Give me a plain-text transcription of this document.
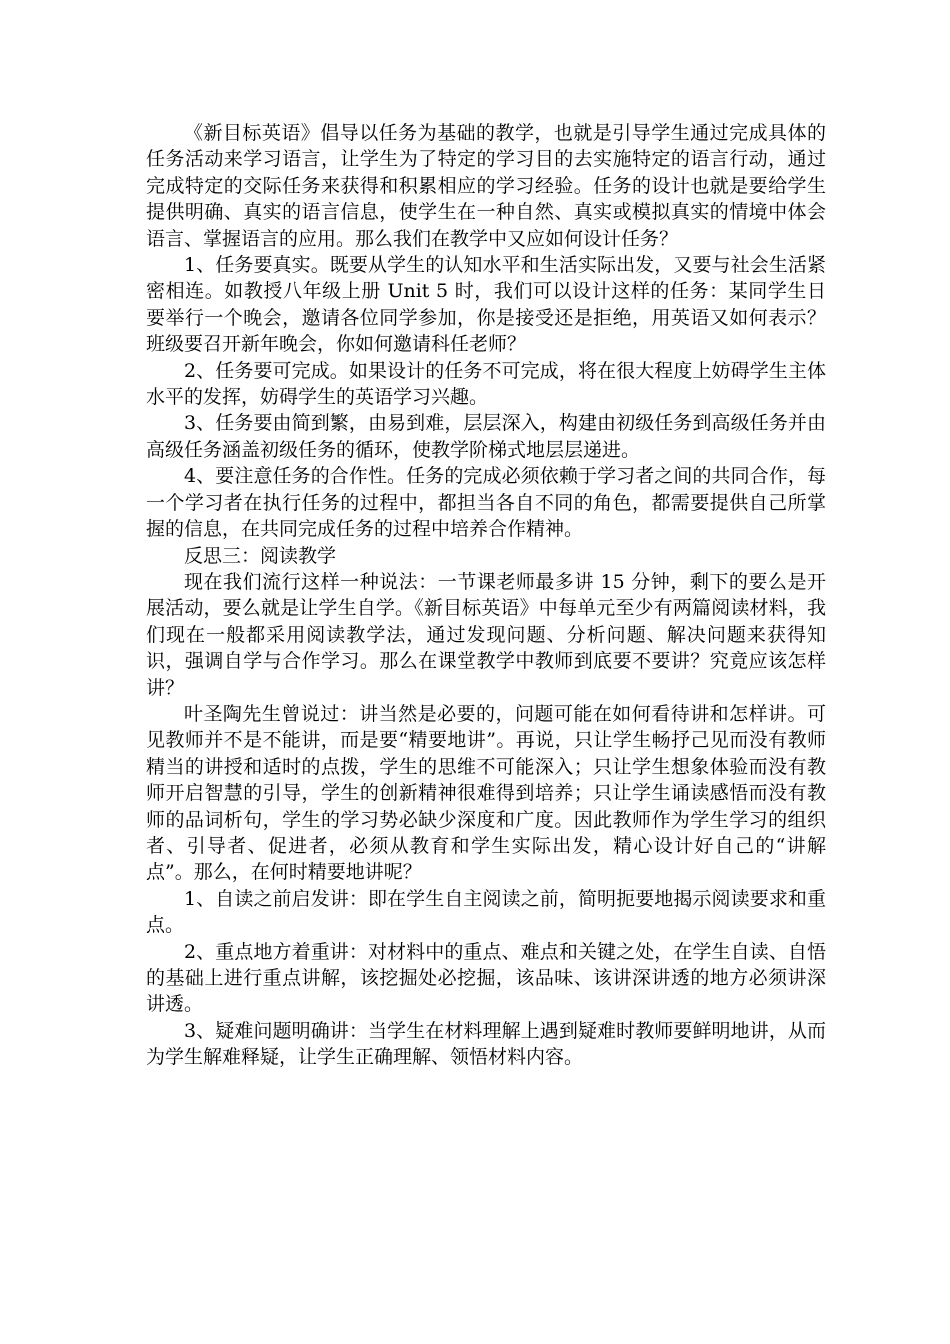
《新目标英语》倡导以任务为基础的教学，也就是引导学生通过完成具体的任务活动来学习语言，让学生为了特定的学习目的去实施特定的语言行动，通过完成特定的交际任务来获得和积累相应的学习经验。任务的设计也就是要给学生提供明确、真实的语言信息，使学生在一种自然、真实或模拟真实的情境中体会语言、掌握语言的应用。那么我们在教学中又应如何设计任务？

1、任务要真实。既要从学生的认知水平和生活实际出发，又要与社会生活紧密相连。如教授八年级上册 Unit 5 时，我们可以设计这样的任务：某同学生日要举行一个晚会，邀请各位同学参加，你是接受还是拒绝，用英语又如何表示？班级要召开新年晚会，你如何邀请科任老师？

2、任务要可完成。如果设计的任务不可完成，将在很大程度上妨碍学生主体水平的发挥，妨碍学生的英语学习兴趣。

3、任务要由简到繁，由易到难，层层深入，构建由初级任务到高级任务并由高级任务涵盖初级任务的循环，使教学阶梯式地层层递进。

4、要注意任务的合作性。任务的完成必须依赖于学习者之间的共同合作，每一个学习者在执行任务的过程中，都担当各自不同的角色，都需要提供自己所掌握的信息，在共同完成任务的过程中培养合作精神。

反思三：阅读教学

现在我们流行这样一种说法：一节课老师最多讲 15 分钟，剩下的要么是开展活动，要么就是让学生自学。《新目标英语》中每单元至少有两篇阅读材料，我们现在一般都采用阅读教学法，通过发现问题、分析问题、解决问题来获得知识，强调自学与合作学习。那么在课堂教学中教师到底要不要讲？究竟应该怎样讲？

叶圣陶先生曾说过：讲当然是必要的，问题可能在如何看待讲和怎样讲。可见教师并不是不能讲，而是要“精要地讲”。再说，只让学生畅抒己见而没有教师精当的讲授和适时的点拨，学生的思维不可能深入；只让学生想象体验而没有教师开启智慧的引导，学生的创新精神很难得到培养；只让学生诵读感悟而没有教师的品词析句，学生的学习势必缺少深度和广度。因此教师作为学生学习的组织者、引导者、促进者，必须从教育和学生实际出发，精心设计好自己的“讲解点”。那么，在何时精要地讲呢？

1、自读之前启发讲：即在学生自主阅读之前，简明扼要地揭示阅读要求和重点。

2、重点地方着重讲：对材料中的重点、难点和关键之处，在学生自读、自悟的基础上进行重点讲解，该挖掘处必挖掘，该品味、该讲深讲透的地方必须讲深讲透。

3、疑难问题明确讲：当学生在材料理解上遇到疑难时教师要鲜明地讲，从而为学生解难释疑，让学生正确理解、领悟材料内容。
